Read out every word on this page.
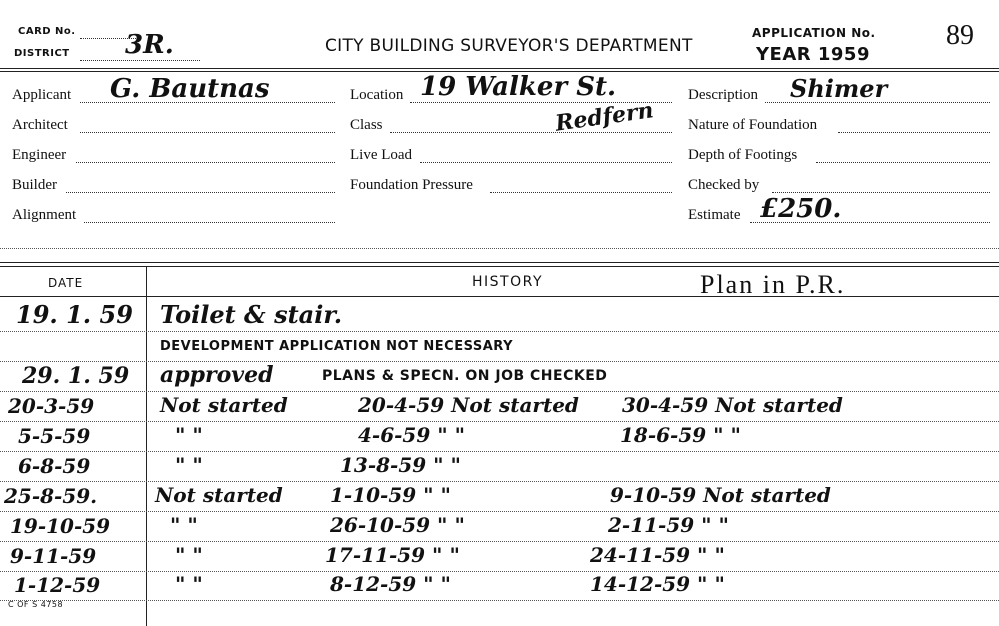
CARD No.
DISTRICT 3R.	CITY BUILDING SURVEYOR'S DEPARTMENT
APPLICATION No.
YEAR 1959
89
Applicant G. Bautnas
Architect
Engineer
Builder
Alignment
Location 19 Walker St.
Class	Redfern
Live Load
Foundation Pressure
Description Shimer
Nature of Foundation
Depth of Footings
Checked by
Estimate £250.
DATE	HISTORY	Plan in P.R.
19. 1. 59 Toilet & stair.
DEVELOPMENT APPLICATION NOT NECESSARY
29. 1. 59 approved	PLANS & SPECN. ON JOB CHECKED
20-3-59	Not started	20-4-59 Not started 30-4-59 Not started
5-5-59	" "	4-6-59 " "	18-6-59 " "
6-8-59	" "	13-8-59 " "
25-8-59.	Not started 1-10-59 " "	9-10-59 Not started
19-10-59	" "	26-10-59 " "	2-11-59 " "
9-11-59	" "	17-11-59 " "	24-11-59 " "
1-12-59	" "	8-12-59 " "	14-12-59 " "
C OF S 4758
